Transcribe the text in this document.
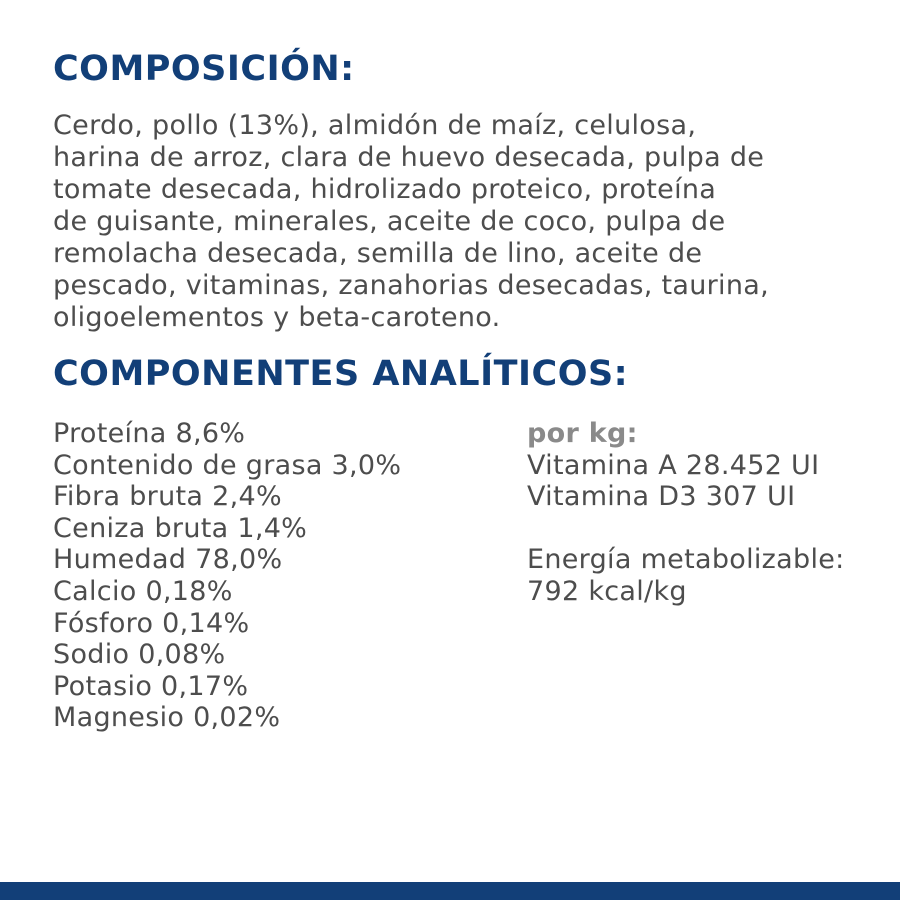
COMPOSICIÓN:

Cerdo, pollo (13%), almidón de maíz, celulosa,
harina de arroz, clara de huevo desecada, pulpa de
tomate desecada, hidrolizado proteico, proteína
de guisante, minerales, aceite de coco, pulpa de
remolacha desecada, semilla de lino, aceite de
pescado, vitaminas, zanahorias desecadas, taurina,
oligoelementos y beta-caroteno.

COMPONENTES ANALÍTICOS:
Proteína 8,6%
Contenido de grasa 3,0%
Fibra bruta 2,4%
Ceniza bruta 1,4%
Humedad 78,0%
Calcio 0,18%
Fósforo 0,14%
Sodio 0,08%
Potasio 0,17%
Magnesio 0,02%
por kg:
Vitamina A 28.452 UI
Vitamina D3 307 UI
Energía metabolizable:
792 kcal/kg
